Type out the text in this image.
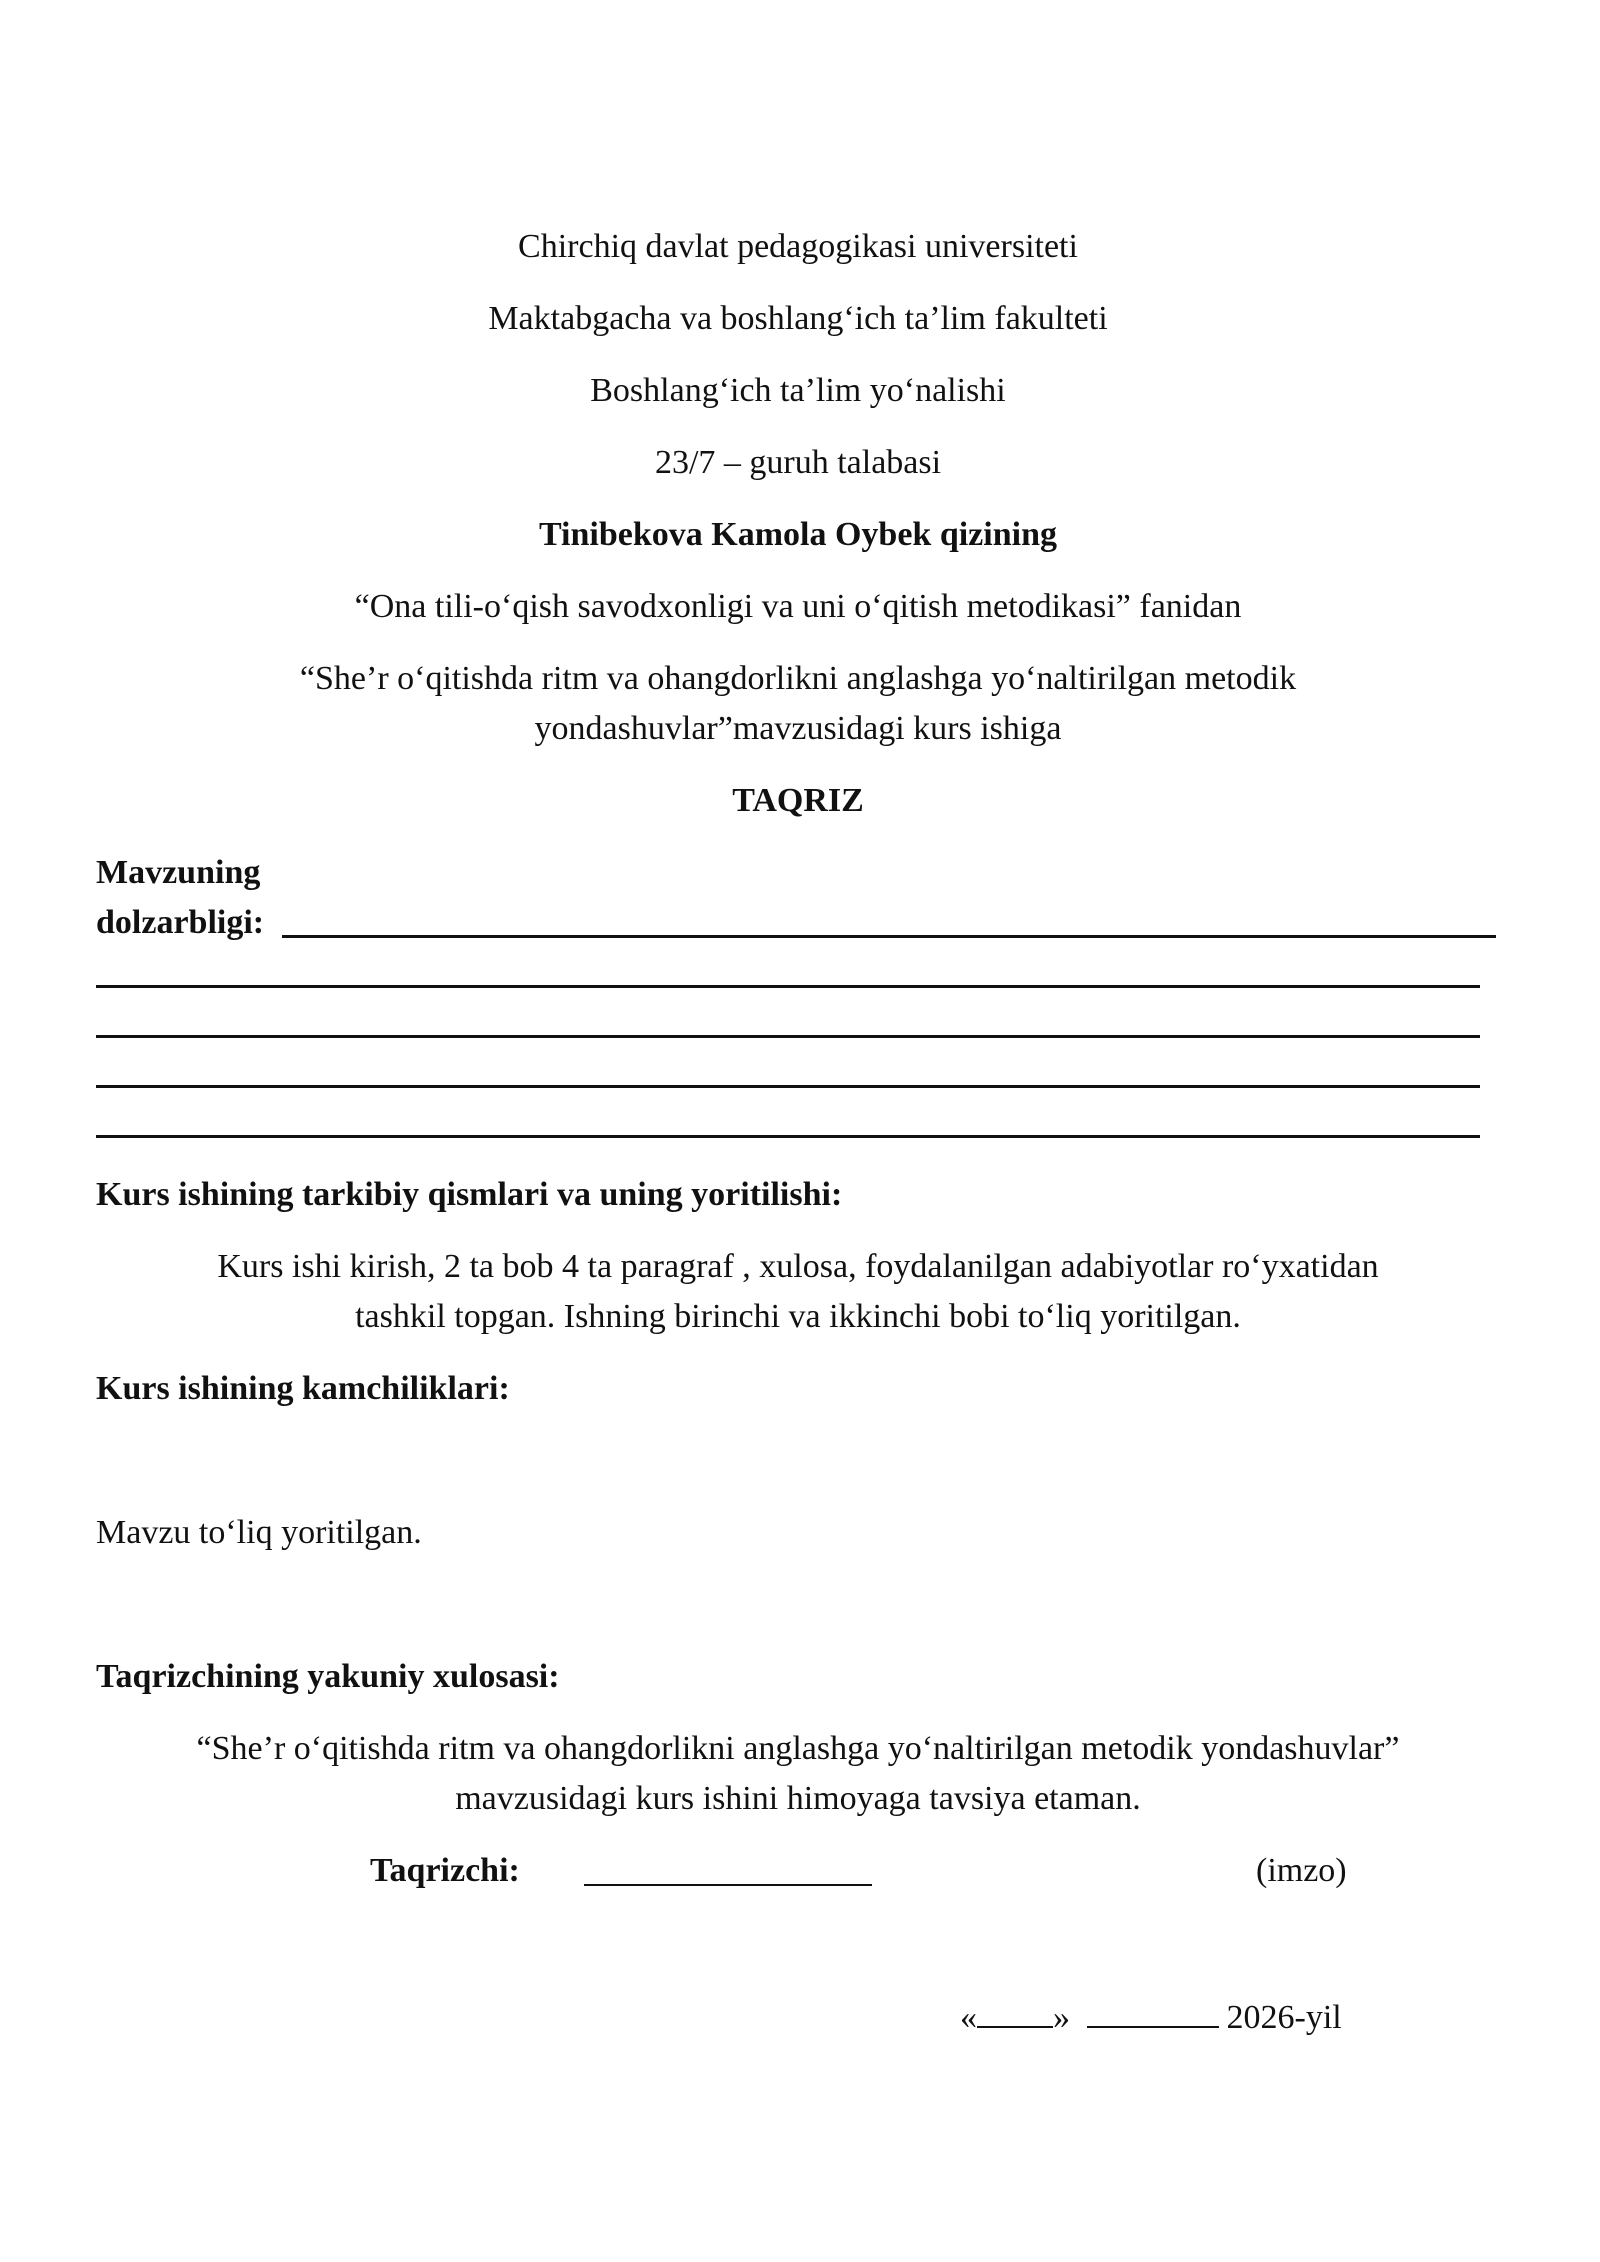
Chirchiq davlat pedagogikasi universiteti

Maktabgacha va boshlang‘ich ta’lim fakulteti

Boshlang‘ich ta’lim yo‘nalishi

23/7 – guruh talabasi

Tinibekova Kamola Oybek qizining

“Ona tili-o‘qish savodxonligi va uni o‘qitish metodikasi” fanidan

“She’r o‘qitishda ritm va ohangdorlikni anglashga yo‘naltirilgan metodik

yondashuvlar”mavzusidagi kurs ishiga

TAQRIZ

Mavzuning

dolzarbligi:

Kurs ishining tarkibiy qismlari va uning yoritilishi:

Kurs ishi kirish, 2 ta bob 4 ta paragraf , xulosa, foydalanilgan adabiyotlar ro‘yxatidan

tashkil topgan. Ishning birinchi va ikkinchi bobi to‘liq yoritilgan.

Kurs ishining kamchiliklari:

Mavzu to‘liq yoritilgan.

Taqrizchining yakuniy xulosasi:

“She’r o‘qitishda ritm va ohangdorlikni anglashga yo‘naltirilgan metodik yondashuvlar”

mavzusidagi kurs ishini himoyaga tavsiya etaman.

Taqrizchi:	(imzo)
« »	2026-yil
